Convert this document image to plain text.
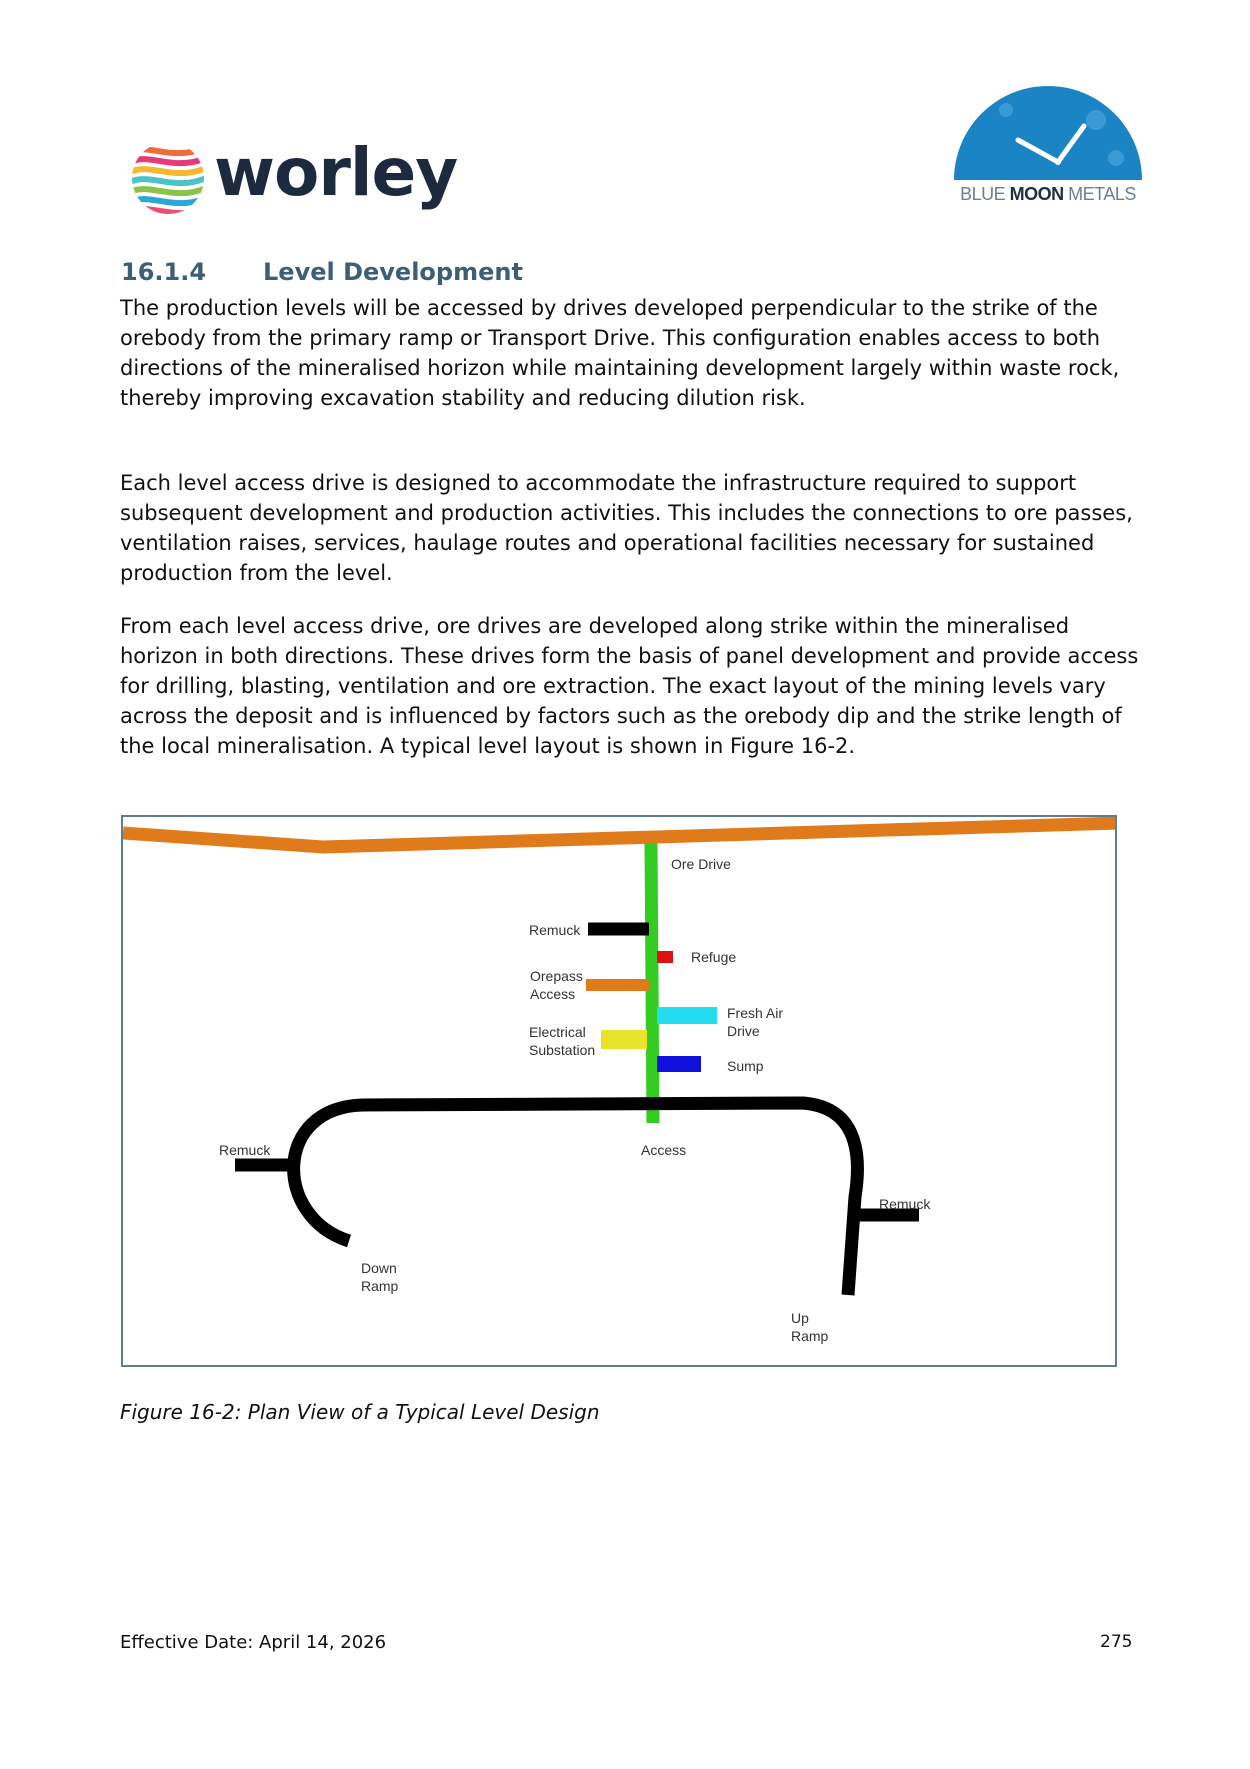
worley	BLUE MOON METALS
16.1.4 Level Development

The production levels will be accessed by drives developed perpendicular to the strike of the orebody from the primary ramp or Transport Drive. This configuration enables access to both directions of the mineralised horizon while maintaining development largely within waste rock, thereby improving excavation stability and reducing dilution risk.

Each level access drive is designed to accommodate the infrastructure required to support subsequent development and production activities. This includes the connections to ore passes, ventilation raises, services, haulage routes and operational facilities necessary for sustained production from the level.

From each level access drive, ore drives are developed along strike within the mineralised horizon in both directions. These drives form the basis of panel development and provide access for drilling, blasting, ventilation and ore extraction. The exact layout of the mining levels vary across the deposit and is influenced by factors such as the orebody dip and the strike length of the local mineralisation. A typical level layout is shown in Figure 16-2.

Ore Drive
Remuck
Refuge
Orepass
Access
Fresh Air
Drive
Electrical
Substation
Sump
Access
Remuck
Down
Ramp
Remuck
Up
Ramp
Figure 16-2: Plan View of a Typical Level Design
Effective Date: April 14, 2026	275
